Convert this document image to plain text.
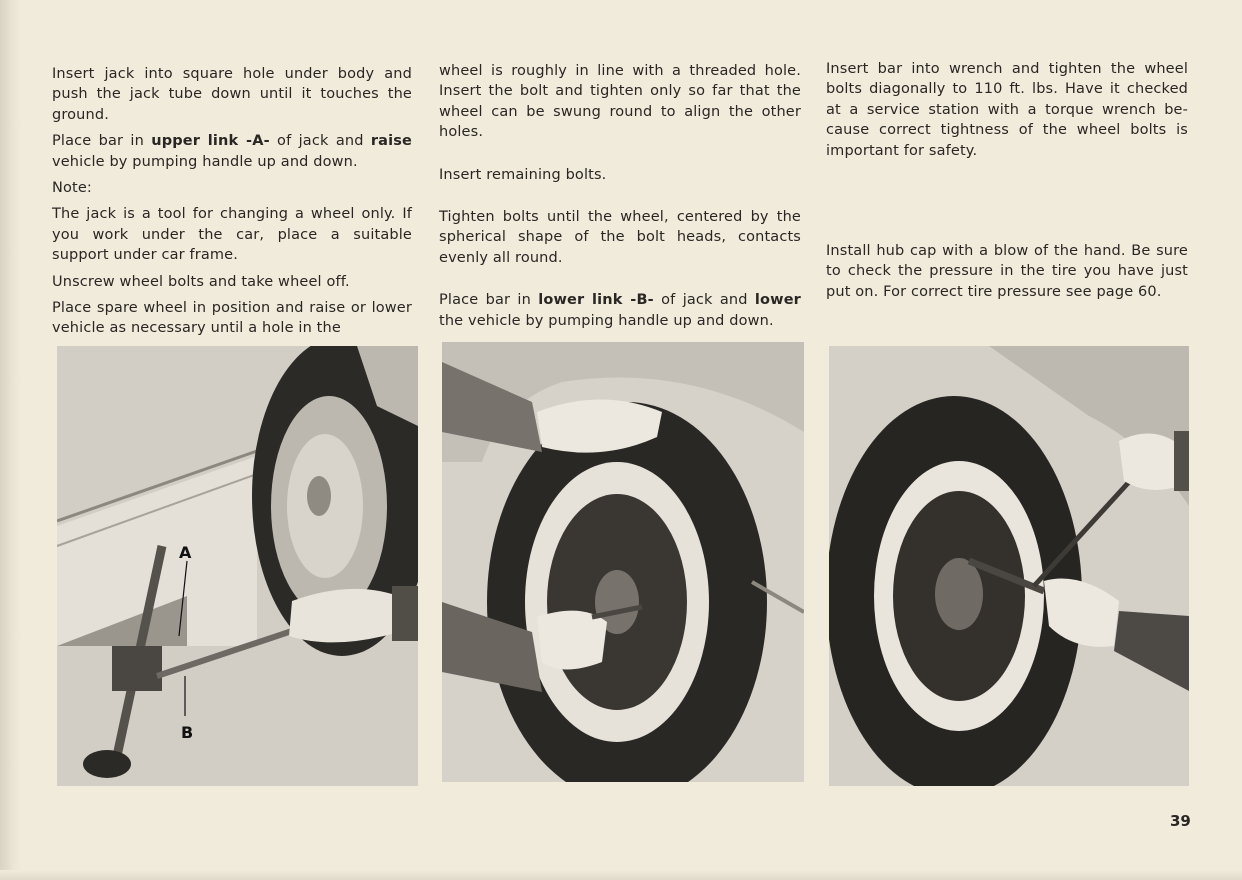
Insert jack into square hole under body and push the jack tube down until it touches the ground.

Place bar in upper link -A- of jack and raise vehicle by pumping handle up and down.

Note:

The jack is a tool for changing a wheel only. If you work under the car, place a suitable support under car frame.

Unscrew wheel bolts and take wheel off.

Place spare wheel in position and raise or lower vehicle as necessary until a hole in the

wheel is roughly in line with a threaded hole. Insert the bolt and tighten only so far that the wheel can be swung round to align the other holes.

Insert remaining bolts.

Tighten bolts until the wheel, centered by the spherical shape of the bolt heads, contacts evenly all round.

Place bar in lower link -B- of jack and lower the vehicle by pumping handle up and down.

Insert bar into wrench and tighten the wheel bolts diagonally to 110 ft. lbs. Have it checked at a service station with a torque wrench be-cause correct tightness of the wheel bolts is important for safety.

Install hub cap with a blow of the hand. Be sure to check the pressure in the tire you have just put on. For correct tire pressure see page 60.

A
B
39
